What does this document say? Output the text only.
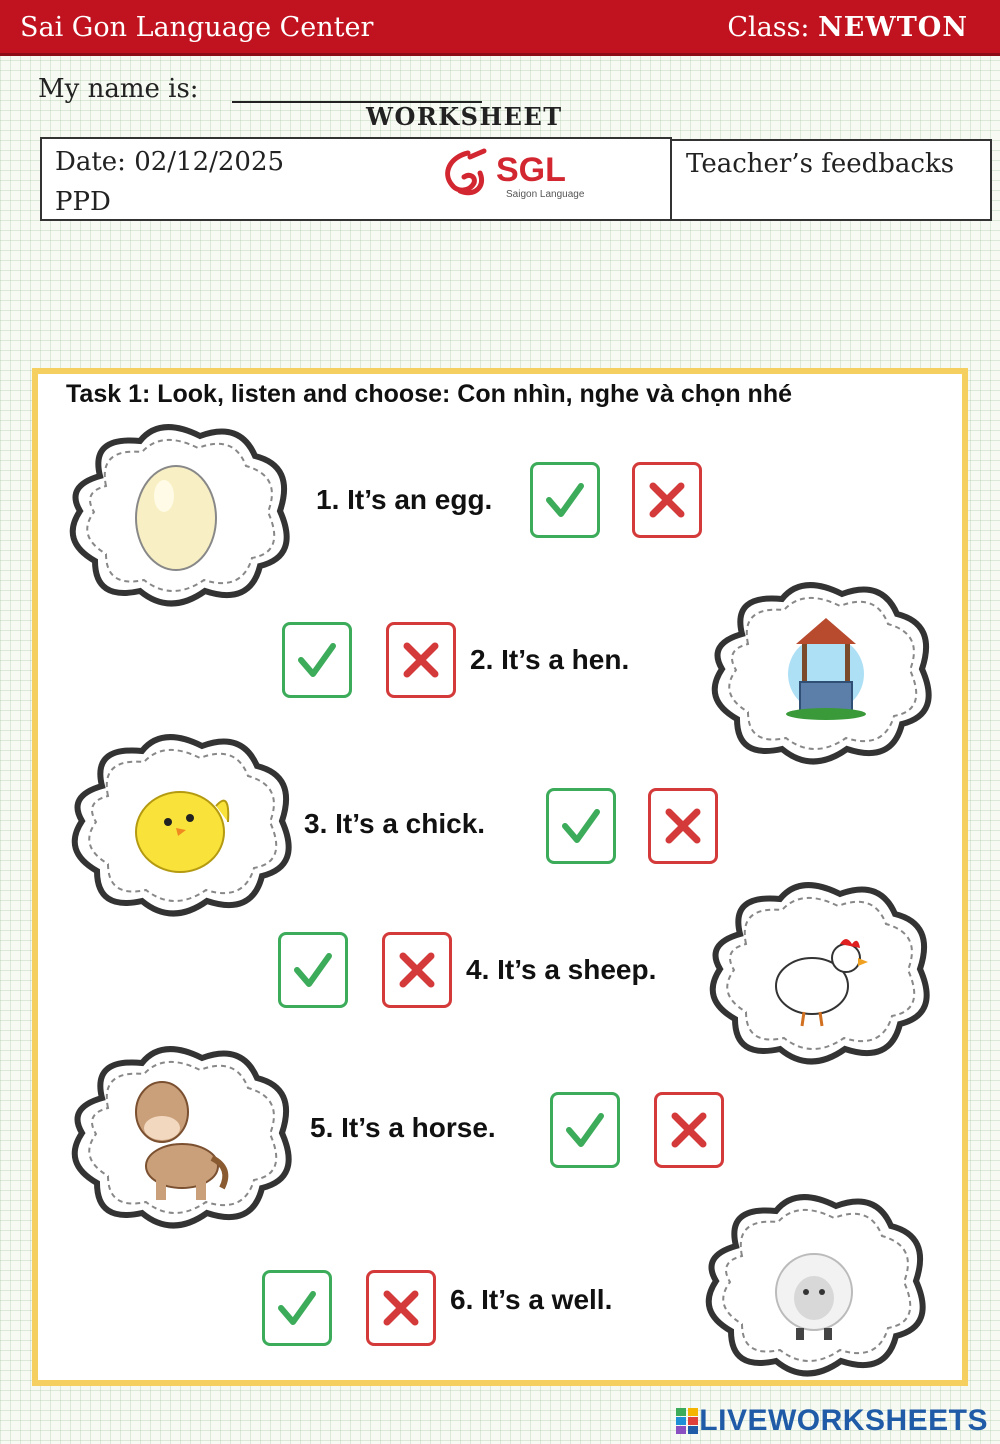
Sai Gon Language Center	Class: NEWTON
My name is:
WORKSHEET
Date: 02/12/2025
PPD
SGL
Saigon Language
Teacher’s feedbacks
Task 1: Look, listen and choose: Con nhìn, nghe và chọn nhé
1. It’s an egg.
2. It’s a hen.
3. It’s a chick.
4. It’s a sheep.
5. It’s a horse.
6. It’s a well.
LIVEWORKSHEETS
